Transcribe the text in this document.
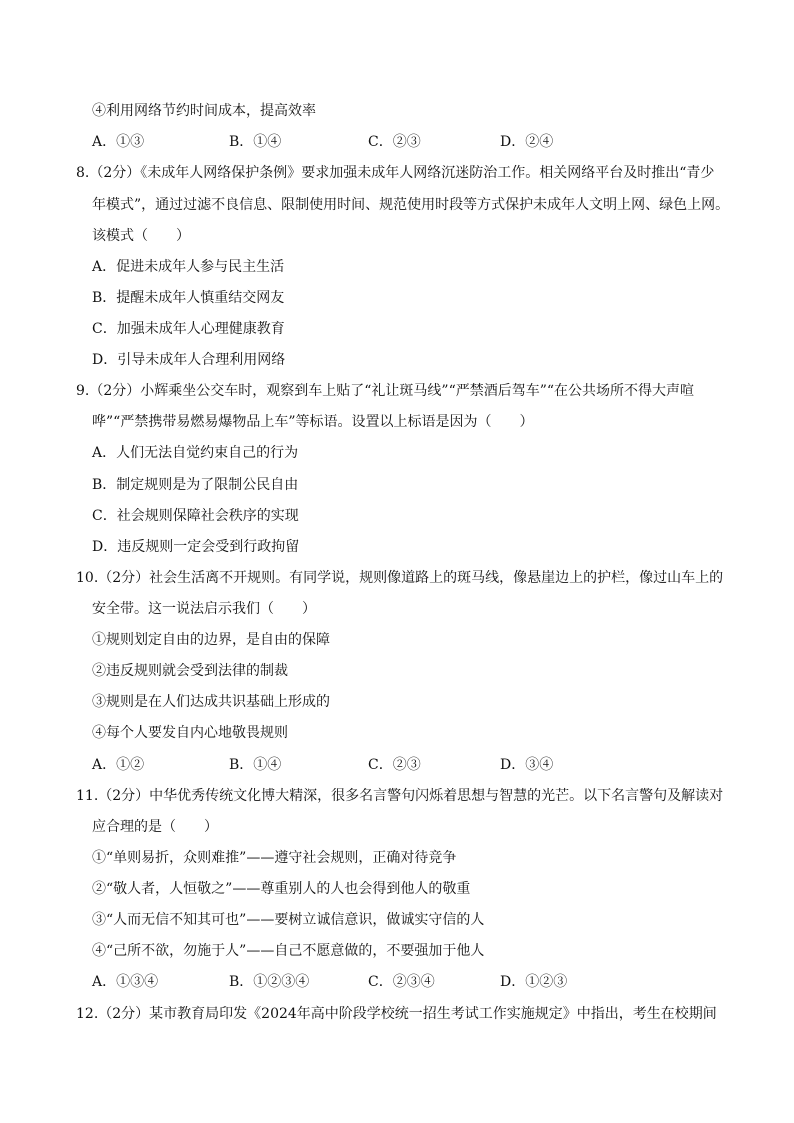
④利用网络节约时间成本，提高效率
A．①③	B．①④	C．②③	D．②④
8.（2分）《未成年人网络保护条例》要求加强未成年人网络沉迷防治工作。相关网络平台及时推出“青少
年模式”，通过过滤不良信息、限制使用时间、规范使用时段等方式保护未成年人文明上网、绿色上网。
该模式（　　）
A．促进未成年人参与民主生活
B．提醒未成年人慎重结交网友
C．加强未成年人心理健康教育
D．引导未成年人合理利用网络
9.（2分）小辉乘坐公交车时，观察到车上贴了“礼让斑马线”“严禁酒后驾车”“在公共场所不得大声喧
哗”“严禁携带易燃易爆物品上车”等标语。设置以上标语是因为（　　）
A．人们无法自觉约束自己的行为
B．制定规则是为了限制公民自由
C．社会规则保障社会秩序的实现
D．违反规则一定会受到行政拘留
10.（2分）社会生活离不开规则。有同学说，规则像道路上的斑马线，像悬崖边上的护栏，像过山车上的
安全带。这一说法启示我们（　　）
①规则划定自由的边界，是自由的保障
②违反规则就会受到法律的制裁
③规则是在人们达成共识基础上形成的
④每个人要发自内心地敬畏规则
A．①②	B．①④	C．②③	D．③④
11.（2分）中华优秀传统文化博大精深，很多名言警句闪烁着思想与智慧的光芒。以下名言警句及解读对
应合理的是（　　）
①“单则易折，众则难推”——遵守社会规则，正确对待竞争
②“敬人者，人恒敬之”——尊重别人的人也会得到他人的敬重
③“人而无信不知其可也”——要树立诚信意识，做诚实守信的人
④“己所不欲，勿施于人”——自己不愿意做的，不要强加于他人
A．①③④	B．①②③④	C．②③④	D．①②③
12.（2分）某市教育局印发《2024年高中阶段学校统一招生考试工作实施规定》中指出，考生在校期间
